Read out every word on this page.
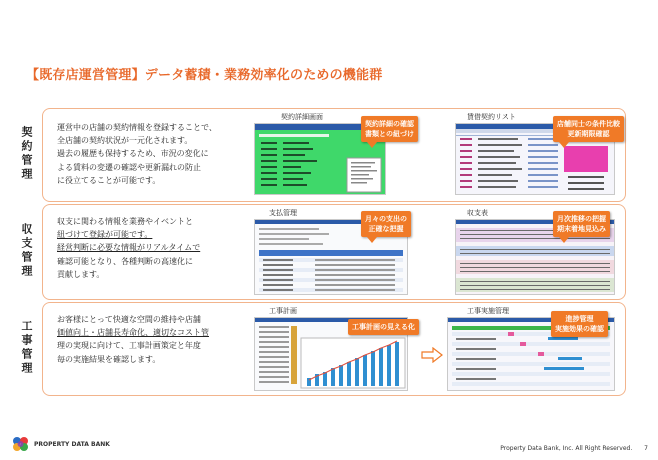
【既存店運営管理】データ蓄積・業務効率化のための機能群
契約管理	運営中の店舗の契約情報を登録することで、
全店舗の契約状況が一元化されます。
過去の履歴も保持するため、市況の変化に
よる賃料の変遷の確認や更新漏れの防止
に役立てることが可能です。
契約詳細画面
契約詳細の確認
書類との紐づけ
賃借契約リスト
店舗同士の条件比較
更新期限確認
収支管理
収支に関わる情報を業務やイベントと
紐づけて登録が可能です。
経営判断に必要な情報がリアルタイムで
確認可能となり、各種判断の高速化に
貢献します。
支払管理
月々の支出の
正確な把握
収支表
月次推移の把握
期末着地見込み
工事管理
お客様にとって快適な空間の維持や店舗
価値向上・店舗長寿命化、適切なコスト管
理の実現に向けて、工事計画策定と年度
毎の実施結果を確認します。
工事計画
工事計画の見える化
工事実施管理
進捗管理
実施効果の確認
PROPERTY DATA BANK
Property Data Bank, Inc. All Right Reserved. 7
